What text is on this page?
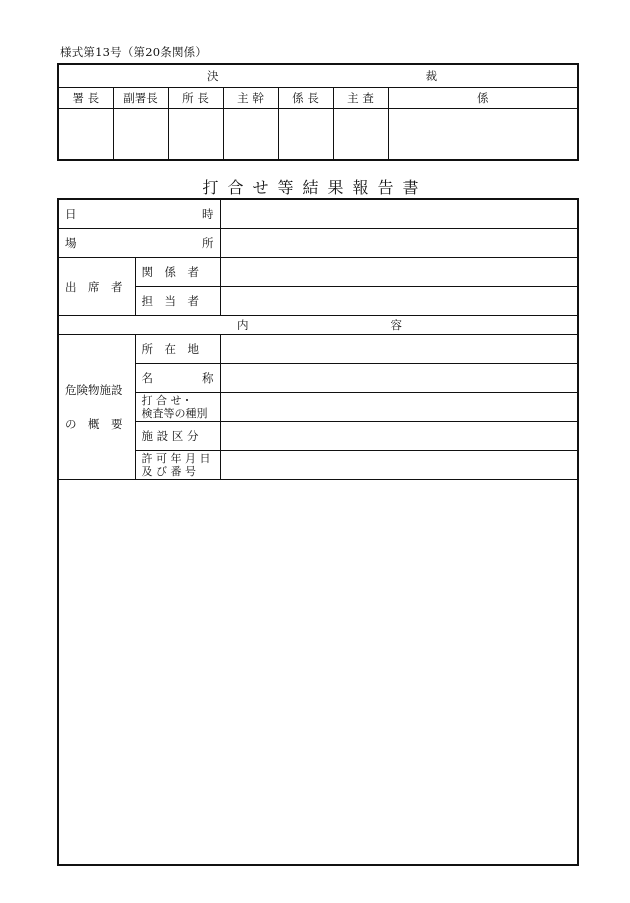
様式第13号（第20条関係）
決 裁						

署 長	副署長	所 長	主 幹	係 長	主 査	係

打合せ等結果報告書
日 時		

場 所		

出　席　者	関　係　者	
	担　当　者	

内 容		

危険物施設
の　概　要	所　在　地	

	名 称	

	打 合 せ・
検査等の種別	

	施 設 区 分	

	許 可 年 月 日
及 び 番 号	
